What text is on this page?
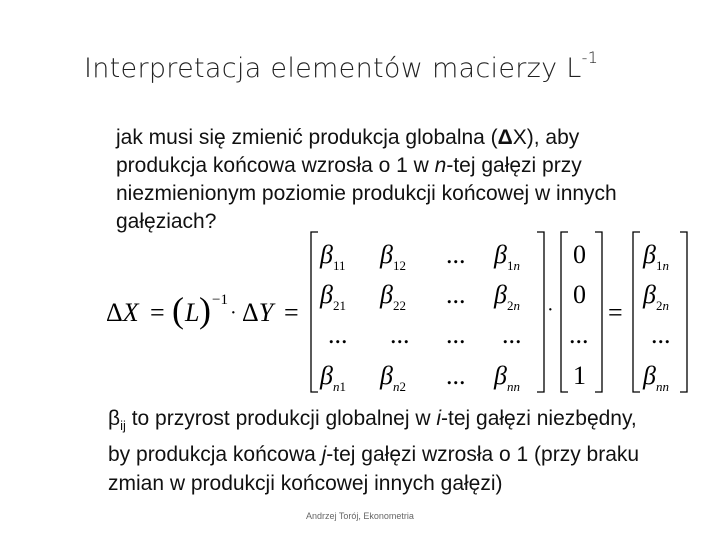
Interpretacja elementów macierzy $L^{-1}$
jak musi się zmienić produkcja globalna (ΔX), aby
produkcja końcowa wzrosła o 1 w n-tej gałęzi przy
niezmienionym poziomie produkcji końcowej w innych
gałęziach?
ΔX = ( L ) −1
· ΔY =
$\beta_{11}$ $\beta_{12}$ ... $\beta_{1n}$
$\beta_{21}$ $\beta_{22}$ ... $\beta_{2n}$
... ... ... ...
$\beta_n1$ $\beta_n2$ ... $\beta_{nn}$
·
0
0
...
1
=
$\beta_{1n}$
$\beta_{2n}$
...
$\beta_{nn}$
$\beta_{ij}$ to przyrost produkcji globalnej w i-tej gałęzi niezbędny,
by produkcja końcowa j-tej gałęzi wzrosła o 1 (przy braku
zmian w produkcji końcowej innych gałęzi)
Andrzej Torój, Ekonometria
